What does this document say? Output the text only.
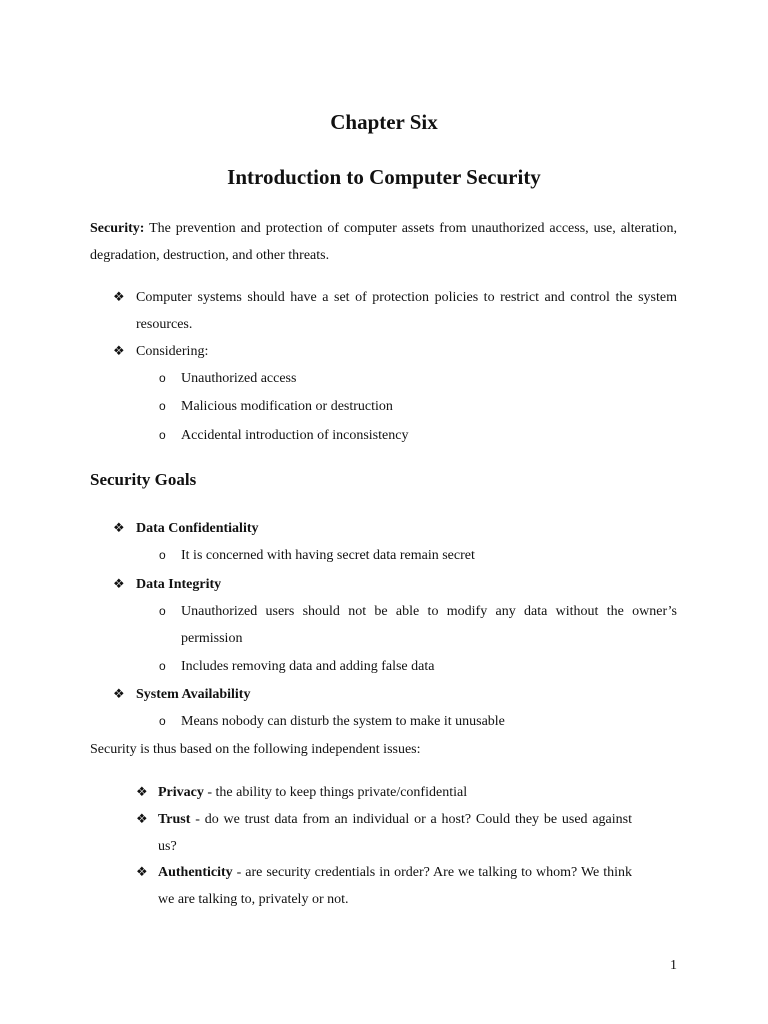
Chapter Six
Introduction to Computer Security
Security: The prevention and protection of computer assets from unauthorized access, use, alteration, degradation, destruction, and other threats.
❖ Computer systems should have a set of protection policies to restrict and control the system resources.
❖ Considering:
o Unauthorized access
o Malicious modification or destruction
o Accidental introduction of inconsistency
Security Goals
❖ Data Confidentiality
o It is concerned with having secret data remain secret
❖ Data Integrity
o Unauthorized users should not be able to modify any data without the owner’s permission
o Includes removing data and adding false data
❖ System Availability
o Means nobody can disturb the system to make it unusable
Security is thus based on the following independent issues:
❖ Privacy - the ability to keep things private/confidential
❖ Trust - do we trust data from an individual or a host? Could they be used against us?
❖ Authenticity - are security credentials in order? Are we talking to whom? We think we are talking to, privately or not.
1
